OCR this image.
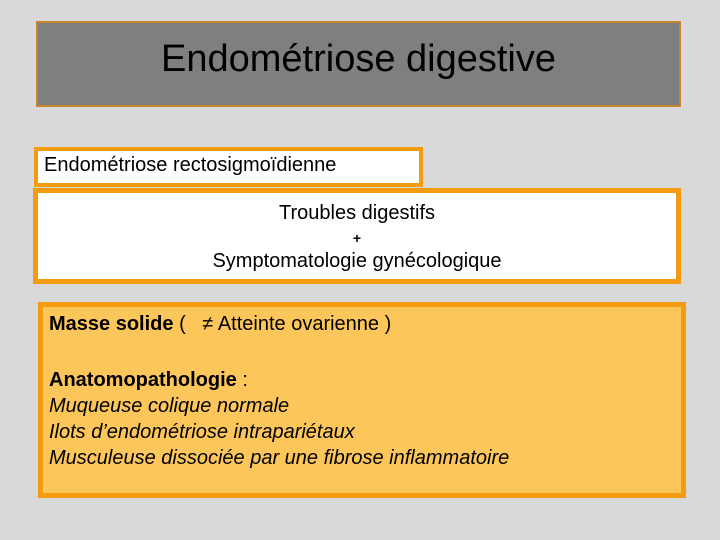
Endométriose digestive
Endométriose rectosigmoïdienne
Troubles digestifs
+
Symptomatologie gynécologique
Masse solide (   ≠ Atteinte ovarienne )
Anatomopathologie :
Muqueuse colique normale
Ilots d’endométriose intrapariétaux
Musculeuse dissociée par une fibrose inflammatoire
